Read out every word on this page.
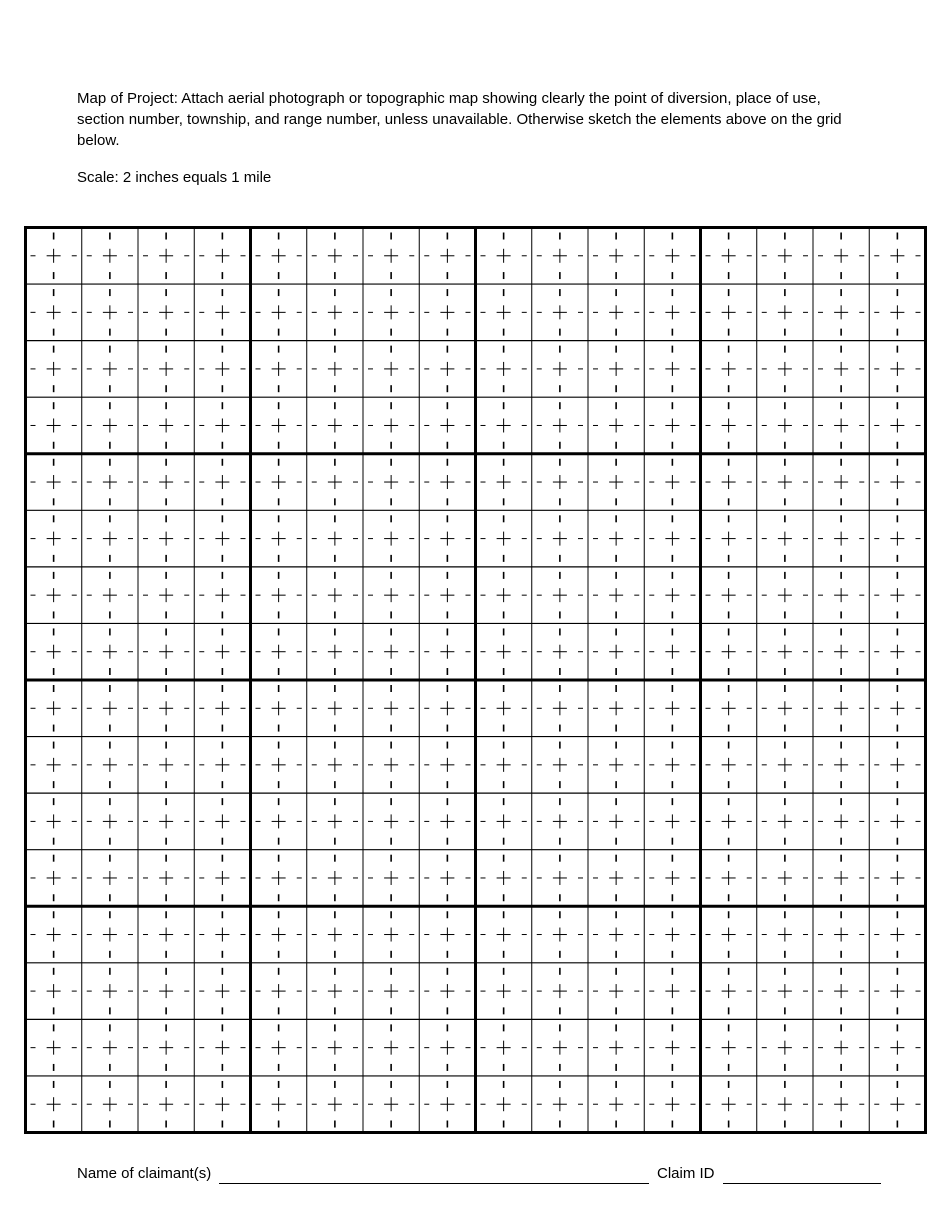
Map of Project: Attach aerial photograph or topographic map showing clearly the point of diversion, place of use, section number, township, and range number, unless unavailable. Otherwise sketch the elements above on the grid below.

Scale: 2 inches equals 1 mile

Name of claimant(s)	Claim ID
